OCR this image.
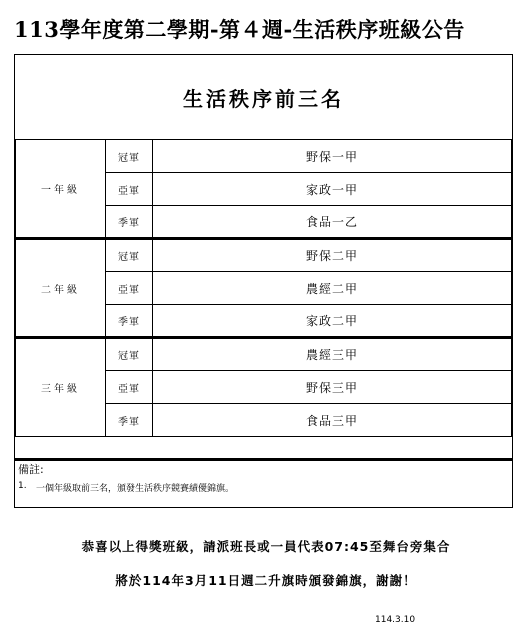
113學年度第二學期-第４週-生活秩序班級公告
生活秩序前三名
一年級	冠軍	野保一甲
	亞軍	家政一甲
	季軍	食品一乙
二年級	冠軍	野保二甲
	亞軍	農經二甲
	季軍	家政二甲
三年級	冠軍	農經三甲
	亞軍	野保三甲
	季軍	食品三甲
備註:
1. 一個年級取前三名，頒發生活秩序競賽績優錦旗。
恭喜以上得獎班級，請派班長或一員代表07:45至舞台旁集合
將於114年3月11日週二升旗時頒發錦旗，謝謝！
114.3.10
